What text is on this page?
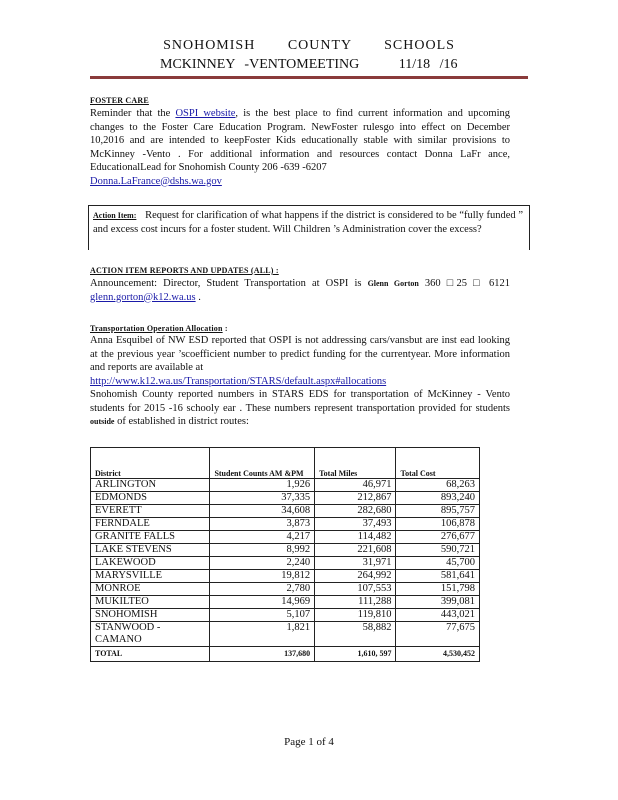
SNOHOMISH COUNTY SCHOOLS
MCKINNEY -VENTOMEETING	11/18 /16
FOSTER CARE
Reminder that the OSPI website, is the best place to find current information and upcoming changes to the Foster Care Education Program. NewFoster rulesgo into effect on December 10,2016 and are intended to keepFoster Kids educationally stable with similar provisions to McKinney -Vento . For additional information and resources contact Donna LaFr ance, EducationalLead for Snohomish County 206 -639 -6207
Donna.LaFrance@dshs.wa.gov
Action Item: Request for clarification of what happens if the district is considered to be “fully funded ” and excess cost incurs for a foster student. Will Children ’s Administration cover the excess?
ACTION ITEM REPORTS AND UPDATES (ALL) :
Announcement: Director, Student Transportation at OSPI is Glenn Gorton 360 □25 □ 6121 glenn.gorton@k12.wa.us .
Transportation Operation Allocation :
Anna Esquibel of NW ESD reported that OSPI is not addressing cars/vansbut are inst ead looking at the previous year ’scoefficient number to predict funding for the currentyear. More information and reports are available at
http://www.k12.wa.us/Transportation/STARS/default.aspx#allocations
Snohomish County reported numbers in STARS EDS for transportation of McKinney - Vento students for 2015 -16 schooly ear . These numbers represent transportation provided for students outside of established in district routes:
District	Student Counts AM &PM	Total Miles	Total Cost
ARLINGTON	1,926	46,971	68,263
EDMONDS	37,335	212,867	893,240
EVERETT	34,608	282,680	895,757
FERNDALE	3,873	37,493	106,878
GRANITE FALLS	4,217	114,482	276,677
LAKE STEVENS	8,992	221,608	590,721
LAKEWOOD	2,240	31,971	45,700
MARYSVILLE	19,812	264,992	581,641
MONROE	2,780	107,553	151,798
MUKILTEO	14,969	111,288	399,081
SNOHOMISH	5,107	119,810	443,021
STANWOOD - CAMANO	1,821	58,882	77,675
TOTAL	137,680	1,610, 597	4,530,452
Page 1 of 4
